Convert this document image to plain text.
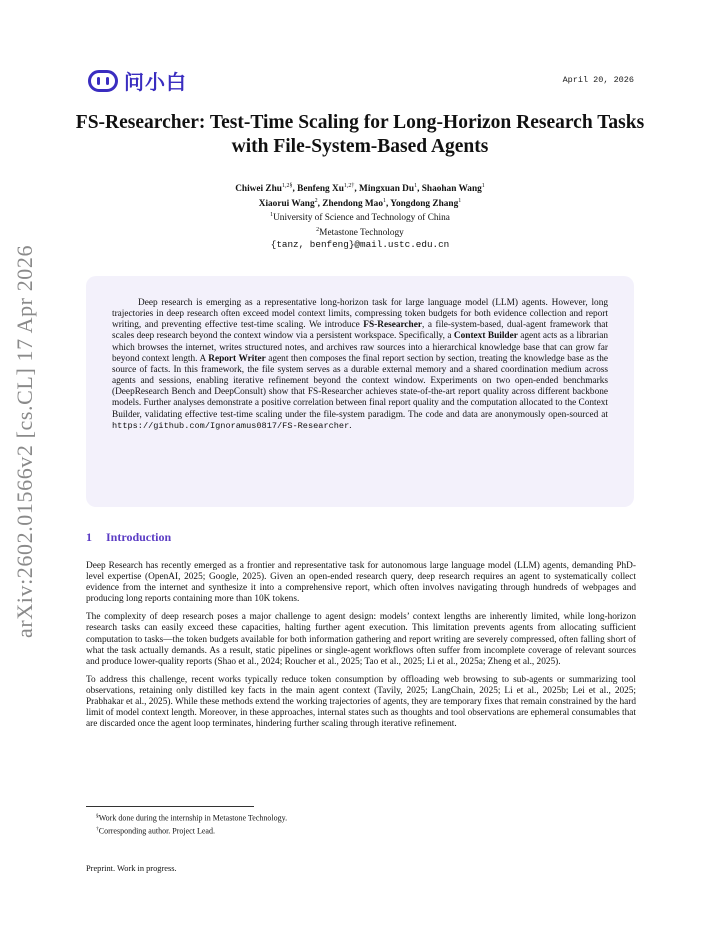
arXiv:2602.01566v2 [cs.CL] 17 Apr 2026
问小白	April 20, 2026
FS-Researcher: Test-Time Scaling for Long-Horizon Research Tasks with File-System-Based Agents
Chiwei Zhu$^{1,2\S}$, Benfeng $Xu^{1,2\dagger}$, Mingxuan Du$^1$, Shaohan Wang$^1$
Xiaorui Wang$^2$, Zhendong Mao$^1$, Yongdong Zhang$^1$
$^1$University of Science and Technology of China
$^2$Metastone Technology
{tanz, benfeng}@mail.ustc.edu.cn

Deep research is emerging as a representative long-horizon task for large language model (LLM) agents. However, long trajectories in deep research often exceed model context limits, compressing token budgets for both evidence collection and report writing, and preventing effective test-time scaling. We introduce FS-Researcher, a file-system-based, dual-agent framework that scales deep research beyond the context window via a persistent workspace. Specifically, a Context Builder agent acts as a librarian which browses the internet, writes structured notes, and archives raw sources into a hierarchical knowledge base that can grow far beyond context length. A Report Writer agent then composes the final report section by section, treating the knowledge base as the source of facts. In this framework, the file system serves as a durable external memory and a shared coordination medium across agents and sessions, enabling iterative refinement beyond the context window. Experiments on two open-ended benchmarks (DeepResearch Bench and DeepConsult) show that FS-Researcher achieves state-of-the-art report quality across different backbone models. Further analyses demonstrate a positive correlation between final report quality and the computation allocated to the Context Builder, validating effective test-time scaling under the file-system paradigm. The code and data are anonymously open-sourced at https://github.com/Ignoramus0817/FS-Researcher.

1 Introduction

Deep Research has recently emerged as a frontier and representative task for autonomous large language model (LLM) agents, demanding PhD-level expertise (OpenAI, 2025; Google, 2025). Given an open-ended research query, deep research requires an agent to systematically collect evidence from the internet and synthesize it into a comprehensive report, which often involves navigating through hundreds of webpages and producing long reports containing more than 10K tokens.

The complexity of deep research poses a major challenge to agent design: models’ context lengths are inherently limited, while long-horizon research tasks can easily exceed these capacities, halting further agent execution. This limitation prevents agents from allocating sufficient computation to tasks—the token budgets available for both information gathering and report writing are severely compressed, often falling short of what the task actually demands. As a result, static pipelines or single-agent workflows often suffer from incomplete coverage of relevant sources and produce lower-quality reports (Shao et al., 2024; Roucher et al., 2025; Tao et al., 2025; Li et al., 2025a; Zheng et al., 2025).

To address this challenge, recent works typically reduce token consumption by offloading web browsing to sub-agents or summarizing tool observations, retaining only distilled key facts in the main agent context (Tavily, 2025; LangChain, 2025; Li et al., 2025b; Lei et al., 2025; Prabhakar et al., 2025). While these methods extend the working trajectories of agents, they are temporary fixes that remain constrained by the hard limit of model context length. Moreover, in these approaches, internal states such as thoughts and tool observations are ephemeral consumables that are discarded once the agent loop terminates, hindering further scaling through iterative refinement.

§Work done during the internship in Metastone Technology.
†Corresponding author. Project Lead.
Preprint. Work in progress.
